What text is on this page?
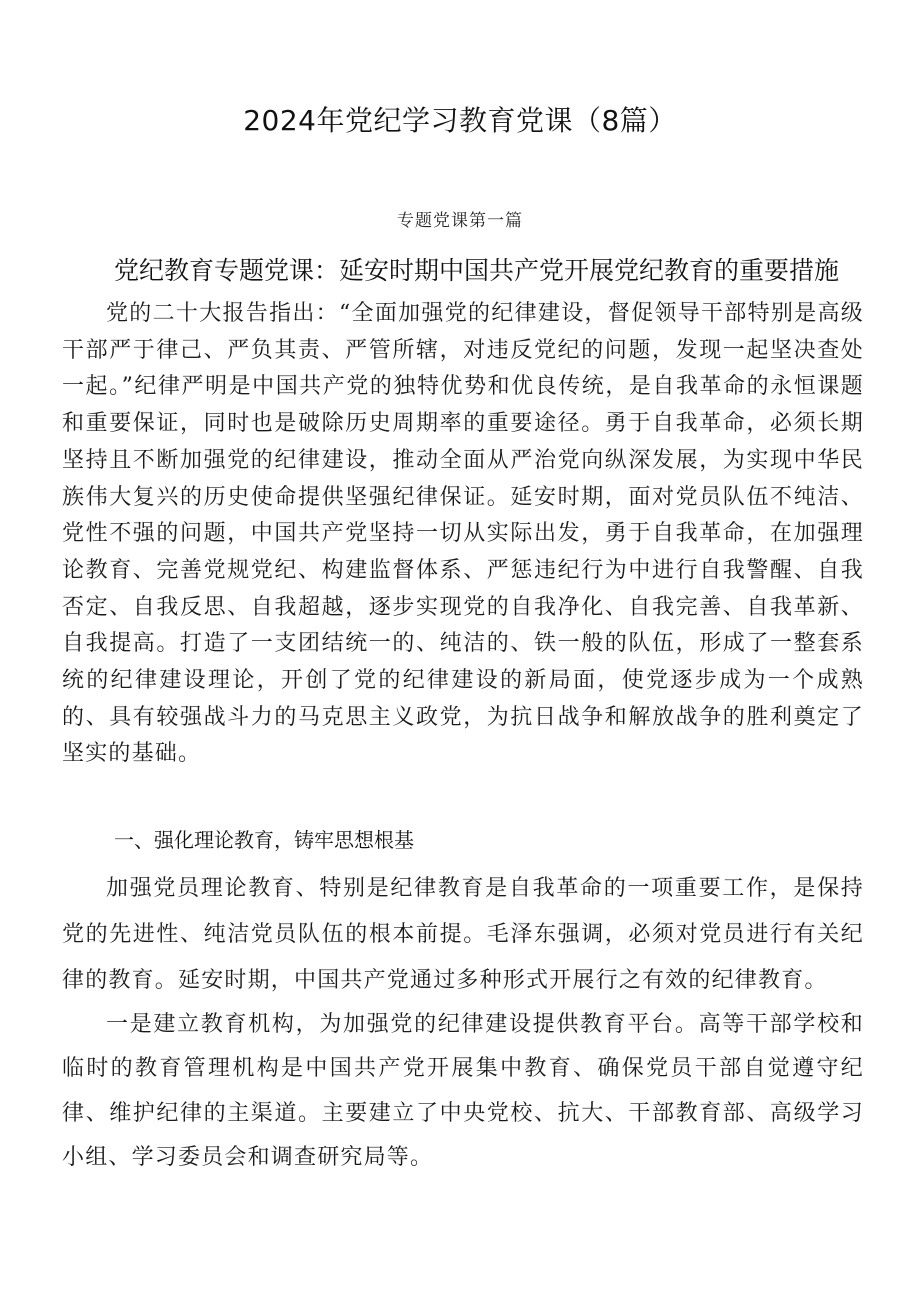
2024年党纪学习教育党课（8篇）
专题党课第一篇
党纪教育专题党课：延安时期中国共产党开展党纪教育的重要措施

党的二十大报告指出：“全面加强党的纪律建设，督促领导干部特别是高级干部严于律己、严负其责、严管所辖，对违反党纪的问题，发现一起坚决查处一起。”纪律严明是中国共产党的独特优势和优良传统，是自我革命的永恒课题和重要保证，同时也是破除历史周期率的重要途径。勇于自我革命，必须长期坚持且不断加强党的纪律建设，推动全面从严治党向纵深发展，为实现中华民族伟大复兴的历史使命提供坚强纪律保证。延安时期，面对党员队伍不纯洁、党性不强的问题，中国共产党坚持一切从实际出发，勇于自我革命，在加强理论教育、完善党规党纪、构建监督体系、严惩违纪行为中进行自我警醒、自我否定、自我反思、自我超越，逐步实现党的自我净化、自我完善、自我革新、自我提高。打造了一支团结统一的、纯洁的、铁一般的队伍，形成了一整套系统的纪律建设理论，开创了党的纪律建设的新局面，使党逐步成为一个成熟的、具有较强战斗力的马克思主义政党，为抗日战争和解放战争的胜利奠定了坚实的基础。

一、强化理论教育，铸牢思想根基

加强党员理论教育、特别是纪律教育是自我革命的一项重要工作，是保持党的先进性、纯洁党员队伍的根本前提。毛泽东强调，必须对党员进行有关纪律的教育。延安时期，中国共产党通过多种形式开展行之有效的纪律教育。

一是建立教育机构，为加强党的纪律建设提供教育平台。高等干部学校和临时的教育管理机构是中国共产党开展集中教育、确保党员干部自觉遵守纪律、维护纪律的主渠道。主要建立了中央党校、抗大、干部教育部、高级学习小组、学习委员会和调查研究局等。
